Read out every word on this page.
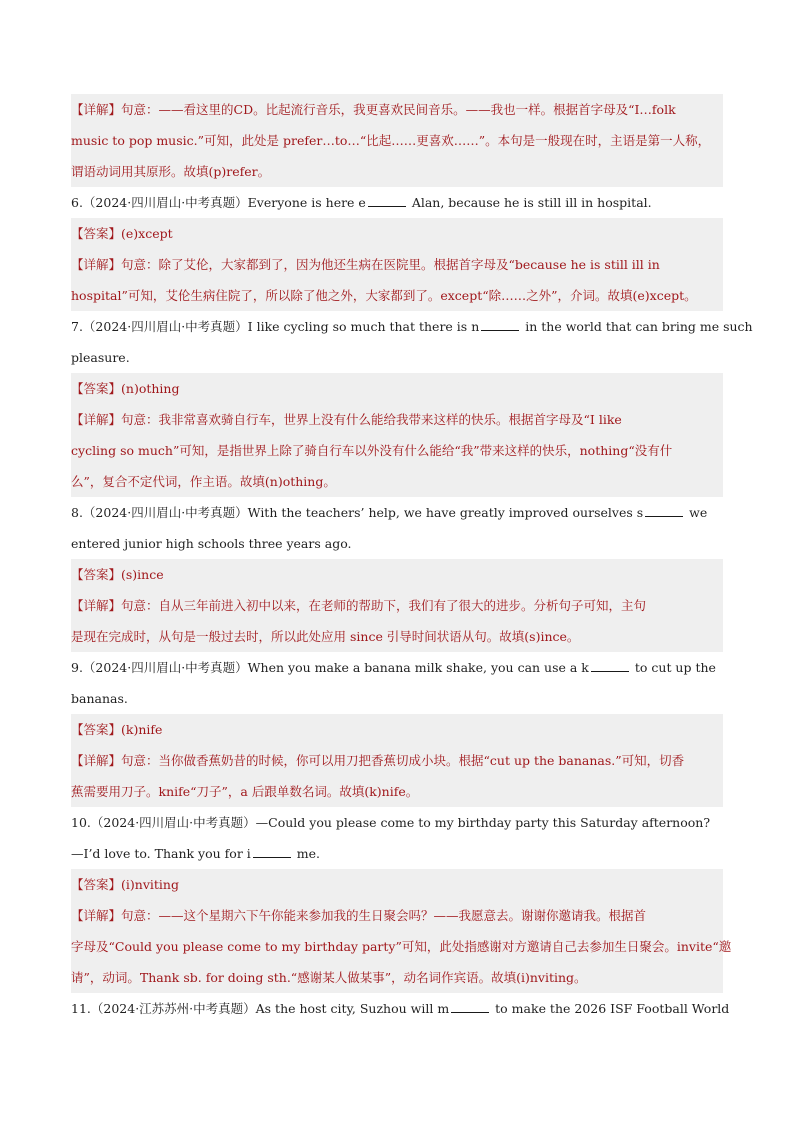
【详解】句意：——看这里的CD。比起流行音乐，我更喜欢民间音乐。——我也一样。根据首字母及“I…folk
music to pop music.”可知，此处是 prefer…to…“比起……更喜欢……”。本句是一般现在时，主语是第一人称，
谓语动词用其原形。故填(p)refer。
6.（2024·四川眉山·中考真题）Everyone is here e	Alan, because he is still ill in hospital.
【答案】(e)xcept
【详解】句意：除了艾伦，大家都到了，因为他还生病在医院里。根据首字母及“because he is still ill in
hospital”可知，艾伦生病住院了，所以除了他之外，大家都到了。except“除……之外”，介词。故填(e)xcept。
7.（2024·四川眉山·中考真题）I like cycling so much that there is n	in the world that can bring me such
pleasure.
【答案】(n)othing
【详解】句意：我非常喜欢骑自行车，世界上没有什么能给我带来这样的快乐。根据首字母及“I like
cycling so much”可知，是指世界上除了骑自行车以外没有什么能给“我”带来这样的快乐，nothing“没有什
么”，复合不定代词，作主语。故填(n)othing。
8.（2024·四川眉山·中考真题）With the teachers’ help, we have greatly improved ourselves s	we
entered junior high schools three years ago.
【答案】(s)ince
【详解】句意：自从三年前进入初中以来，在老师的帮助下，我们有了很大的进步。分析句子可知，主句
是现在完成时，从句是一般过去时，所以此处应用 since 引导时间状语从句。故填(s)ince。
9.（2024·四川眉山·中考真题）When you make a banana milk shake, you can use a k	to cut up the
bananas.
【答案】(k)nife
【详解】句意：当你做香蕉奶昔的时候，你可以用刀把香蕉切成小块。根据“cut up the bananas.”可知，切香
蕉需要用刀子。knife“刀子”，a 后跟单数名词。故填(k)nife。
10.（2024·四川眉山·中考真题）—Could you please come to my birthday party this Saturday afternoon?
—I’d love to. Thank you for i	me.
【答案】(i)nviting
【详解】句意：——这个星期六下午你能来参加我的生日聚会吗？——我愿意去。谢谢你邀请我。根据首
字母及“Could you please come to my birthday party”可知，此处指感谢对方邀请自己去参加生日聚会。invite“邀
请”，动词。Thank sb. for doing sth.“感谢某人做某事”，动名词作宾语。故填(i)nviting。
11.（2024·江苏苏州·中考真题）As the host city, Suzhou will m	to make the 2026 ISF Football World
